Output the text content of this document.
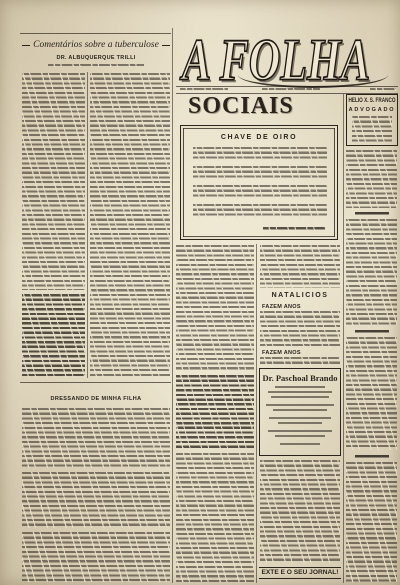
A FOLHA
Comentários sobre a tuberculose
DR. ALBUQUERQUE TRILLI
DRESSANDO DE MINHA FILHA
SOCIAIS
CHAVE DE OIRO
NATALICIOS
FAZEM ANOS
FAZEM ANOS
Dr. Paschoal Brando
EXTE E O SEU JORNAL!
HELIO X. S. FRANCO
ADVOGADO
